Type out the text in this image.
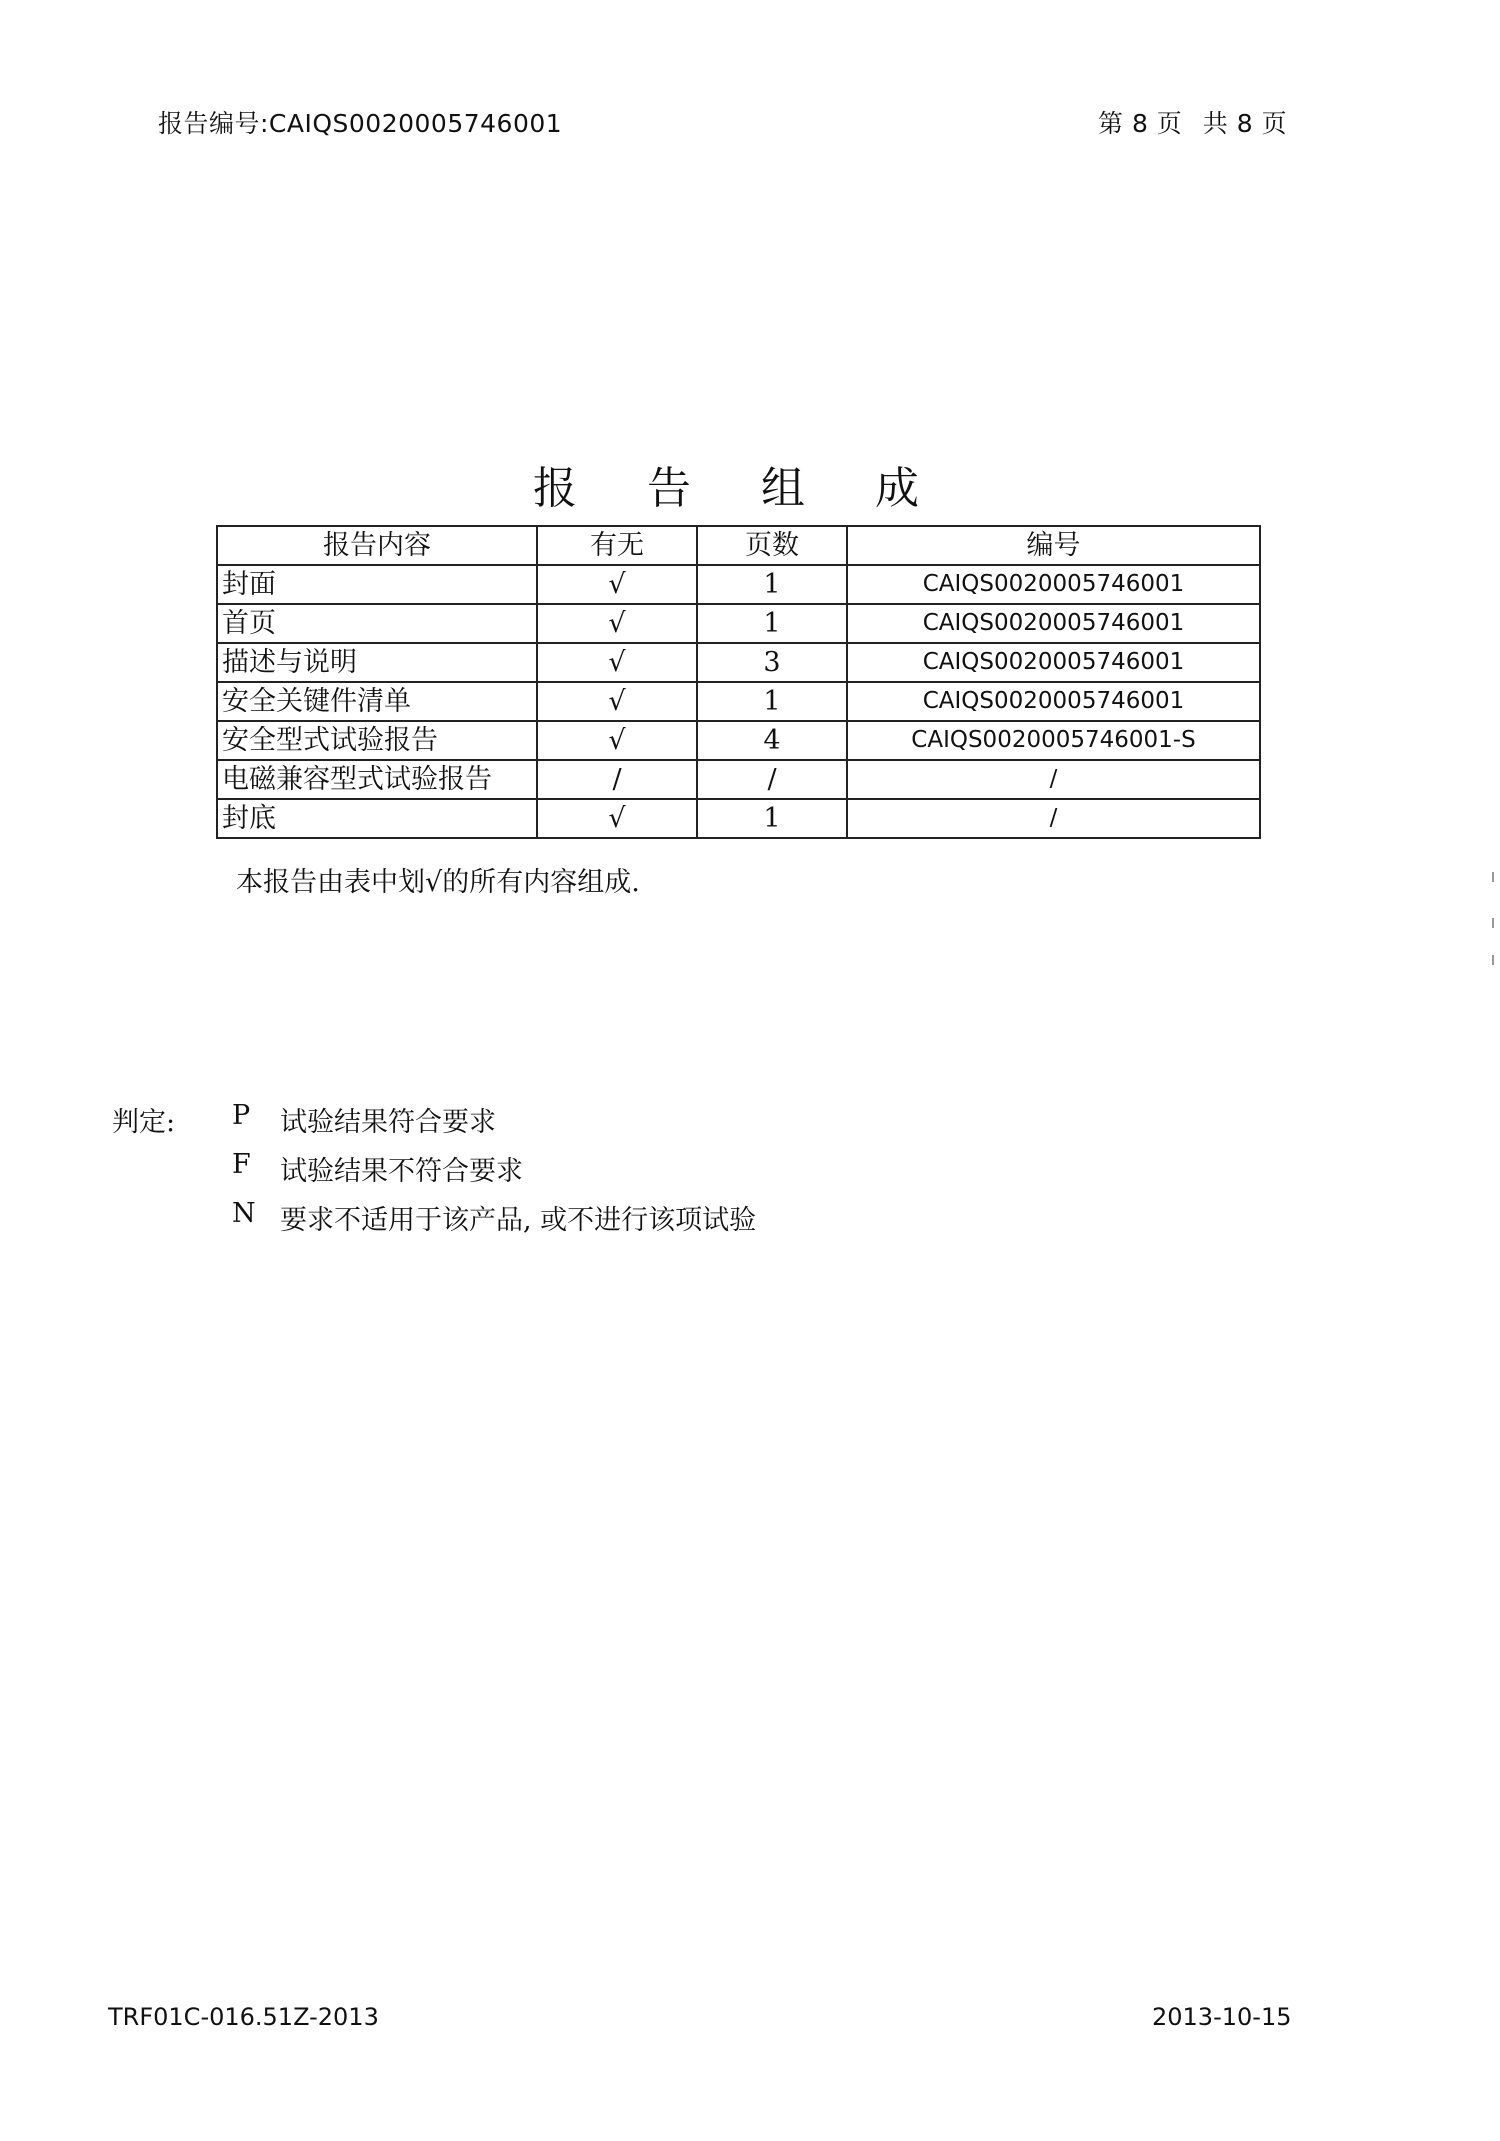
报告编号:CAIQS0020005746001	第 8 页 共 8 页
报 告 组 成
报告内容	有无	页数	编号
封面	√	1	CAIQS0020005746001
首页	√	1	CAIQS0020005746001
描述与说明	√	3	CAIQS0020005746001
安全关键件清单	√	1	CAIQS0020005746001
安全型式试验报告	√	4	CAIQS0020005746001-S
电磁兼容型式试验报告	/	/	/
封底	√	1	/
本报告由表中划√的所有内容组成.
判定: P 试验结果符合要求
F 试验结果不符合要求
N 要求不适用于该产品, 或不进行该项试验
TRF01C-016.51Z-2013	2013-10-15
